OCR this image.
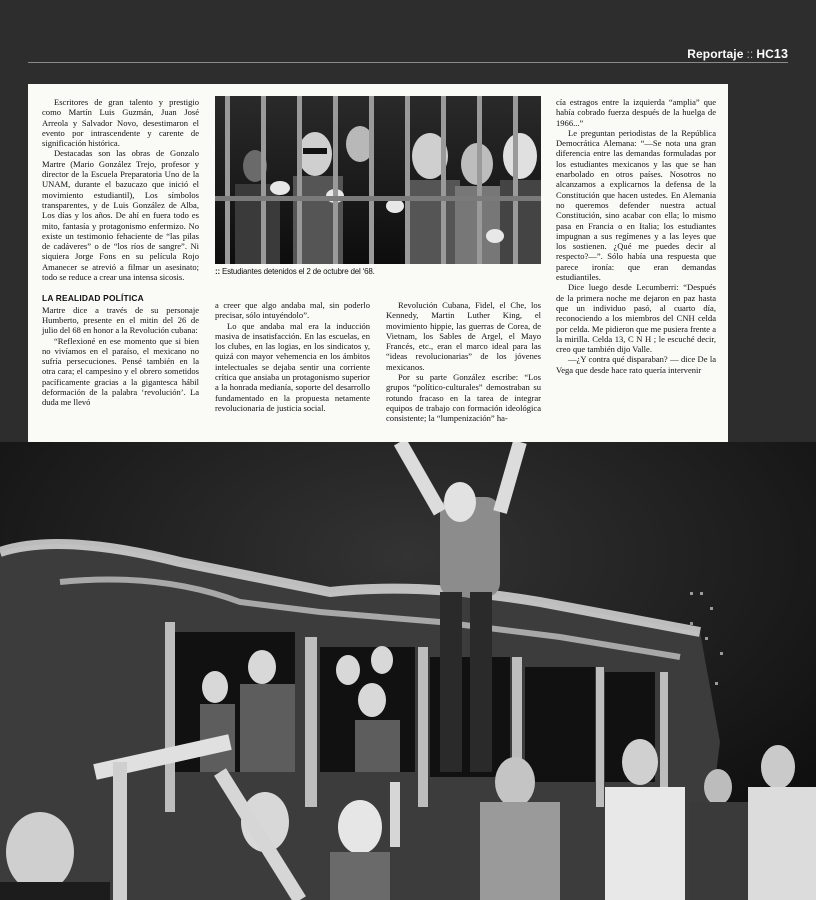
Reportaje :: HC13

Escritores de gran talento y prestigio como Martín Luis Guzmán, Juan José Arreola y Salvador Novo, desestimaron el evento por intrascendente y carente de significación histórica.

Destacadas son las obras de Gonzalo Martre (Mario González Trejo, profesor y director de la Escuela Preparatoria Uno de la UNAM, durante el bazucazo que inició el movimiento estudiantil), Los símbolos transparentes, y de Luis González de Alba, Los días y los años. De ahí en fuera todo es mito, fantasía y protagonismo enfermizo. No existe un testimonio fehaciente de “las pilas de cadáveres” o de “los ríos de sangre”. Ni siquiera Jorge Fons en su película Rojo Amanecer se atrevió a filmar un asesinato; todo se reduce a crear una intensa sicosis.

LA REALIDAD POLÍTICA

Martre dice a través de su personaje Humberto, presente en el mitin del 26 de julio del 68 en honor a la Revolución cubana:

“Reflexioné en ese momento que si bien no vivíamos en el paraíso, el mexicano no sufría persecuciones. Pensé también en la otra cara; el campesino y el obrero sometidos pacíficamente gracias a la gigantesca hábil deformación de la palabra ‘revolución’. La duda me llevó

:: Estudiantes detenidos el 2 de octubre del ‘68.

a creer que algo andaba mal, sin poderlo precisar, sólo intuyéndolo”.

Lo que andaba mal era la inducción masiva de insatisfacción. En las escuelas, en los clubes, en las logias, en los sindicatos y, quizá con mayor vehemencia en los ámbitos intelectuales se dejaba sentir una corriente crítica que ansiaba un protagonismo superior a la honrada medianía, soporte del desarrollo fundamentado en la propuesta netamente revolucionaria de justicia social.

Revolución Cubana, Fidel, el Che, los Kennedy, Martin Luther King, el movimiento hippie, las guerras de Corea, de Vietnam, los Sables de Argel, el Mayo Francés, etc., eran el marco ideal para las “ideas revolucionarias” de los jóvenes mexicanos.

Por su parte González escribe: “Los grupos “político-culturales” demostraban su rotundo fracaso en la tarea de integrar equipos de trabajo con formación ideológica consistente; la “lumpenización” ha-

cía estragos entre la izquierda “amplia” que había cobrado fuerza después de la huelga de 1966...”

Le preguntan periodistas de la República Democrática Alemana: “—Se nota una gran diferencia entre las demandas formuladas por los estudiantes mexicanos y las que se han enarbolado en otros países. Nosotros no alcanzamos a explicarnos la defensa de la Constitución que hacen ustedes. En Alemania no queremos defender nuestra actual Constitución, sino acabar con ella; lo mismo pasa en Francia o en Italia; los estudiantes impugnan a sus regímenes y a las leyes que los sostienen. ¿Qué me puedes decir al respecto?—”. Sólo había una respuesta que parece ironía: que eran demandas estudiantiles.

Dice luego desde Lecumberri: “Después de la primera noche me dejaron en paz hasta que un individuo pasó, al cuarto día, reconociendo a los miembros del CNH celda por celda. Me pidieron que me pusiera frente a la mirilla. Celda 13, C N H ; le escuché decir, creo que también dijo Valle.

—¿Y contra qué disparaban? — dice De la Vega que desde hace rato quería intervenir
